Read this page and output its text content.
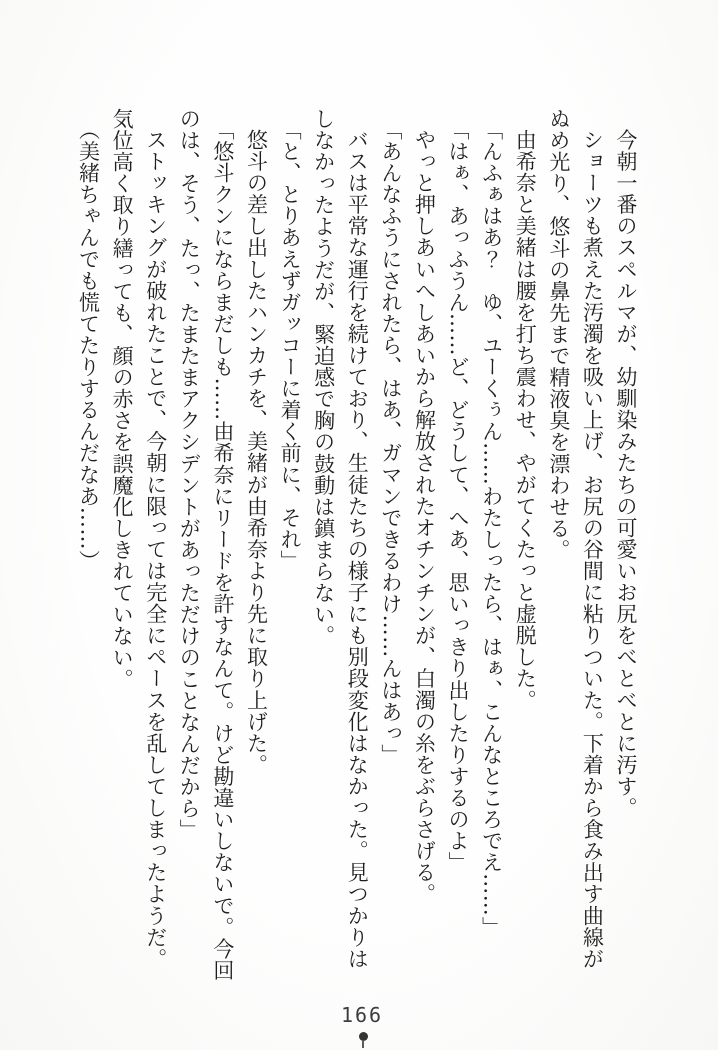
今朝一番のスペルマが、幼馴染みたちの可愛いお尻をべとべとに汚す。

ショーツも煮えた汚濁を吸い上げ、お尻の谷間に粘りついた。下着から食み出す曲線が

ぬめ光り、悠斗の鼻先まで精液臭を漂わせる。

由希奈と美緒は腰を打ち震わせ、やがてくたっと虚脱した。

「んふぁはあ？　ゆ、ユーくぅん……わたしったら、はぁ、こんなところでえ……」

「はぁ、あっふうん……ど、どうして、へあ、思いっきり出したりするのよ」

やっと押しあいへしあいから解放されたオチンチンが、白濁の糸をぶらさげる。

「あんなふうにされたら、はあ、ガマンできるわけ……んはあっ」

バスは平常な運行を続けており、生徒たちの様子にも別段変化はなかった。見つかりは

しなかったようだが、緊迫感で胸の鼓動は鎮まらない。

「と、とりあえずガッコーに着く前に、それ」

悠斗の差し出したハンカチを、美緒が由希奈より先に取り上げた。

「悠斗クンにならまだしも……由希奈にリードを許すなんて。けど勘違いしないで。今回

のは、そう、たっ、たまたまアクシデントがあっただけのことなんだから」

ストッキングが破れたことで、今朝に限っては完全にペースを乱してしまったようだ。

気位高く取り繕っても、顔の赤さを誤魔化しきれていない。

（美緒ちゃんでも慌てたりするんだなあ……）

166
